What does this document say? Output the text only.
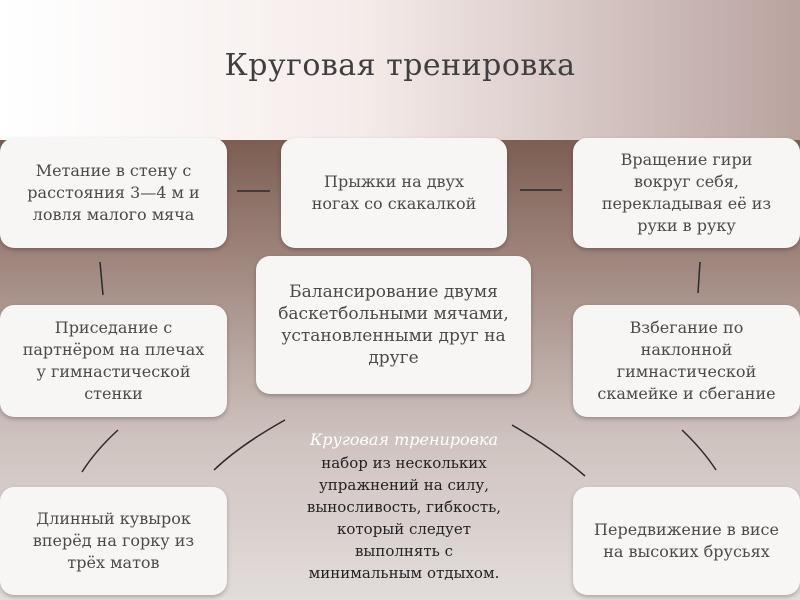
Круговая тренировка
Метание в стену с
расстояния 3—4 м и
ловля малого мяча
Прыжки на двух
ногах со скакалкой
Вращение гири
вокруг себя,
перекладывая её из
руки в руку
Балансирование двумя
баскетбольными мячами,
установленными друг на
друге
Приседание с
партнёром на плечах
у гимнастической
стенки
Взбегание по
наклонной
гимнастической
скамейке и сбегание
Длинный кувырок
вперёд на горку из
трёх матов
Передвижение в висе
на высоких брусьях
Круговая тренировка
набор из нескольких
упражнений на силу,
выносливость, гибкость,
который следует
выполнять с
минимальным отдыхом.
